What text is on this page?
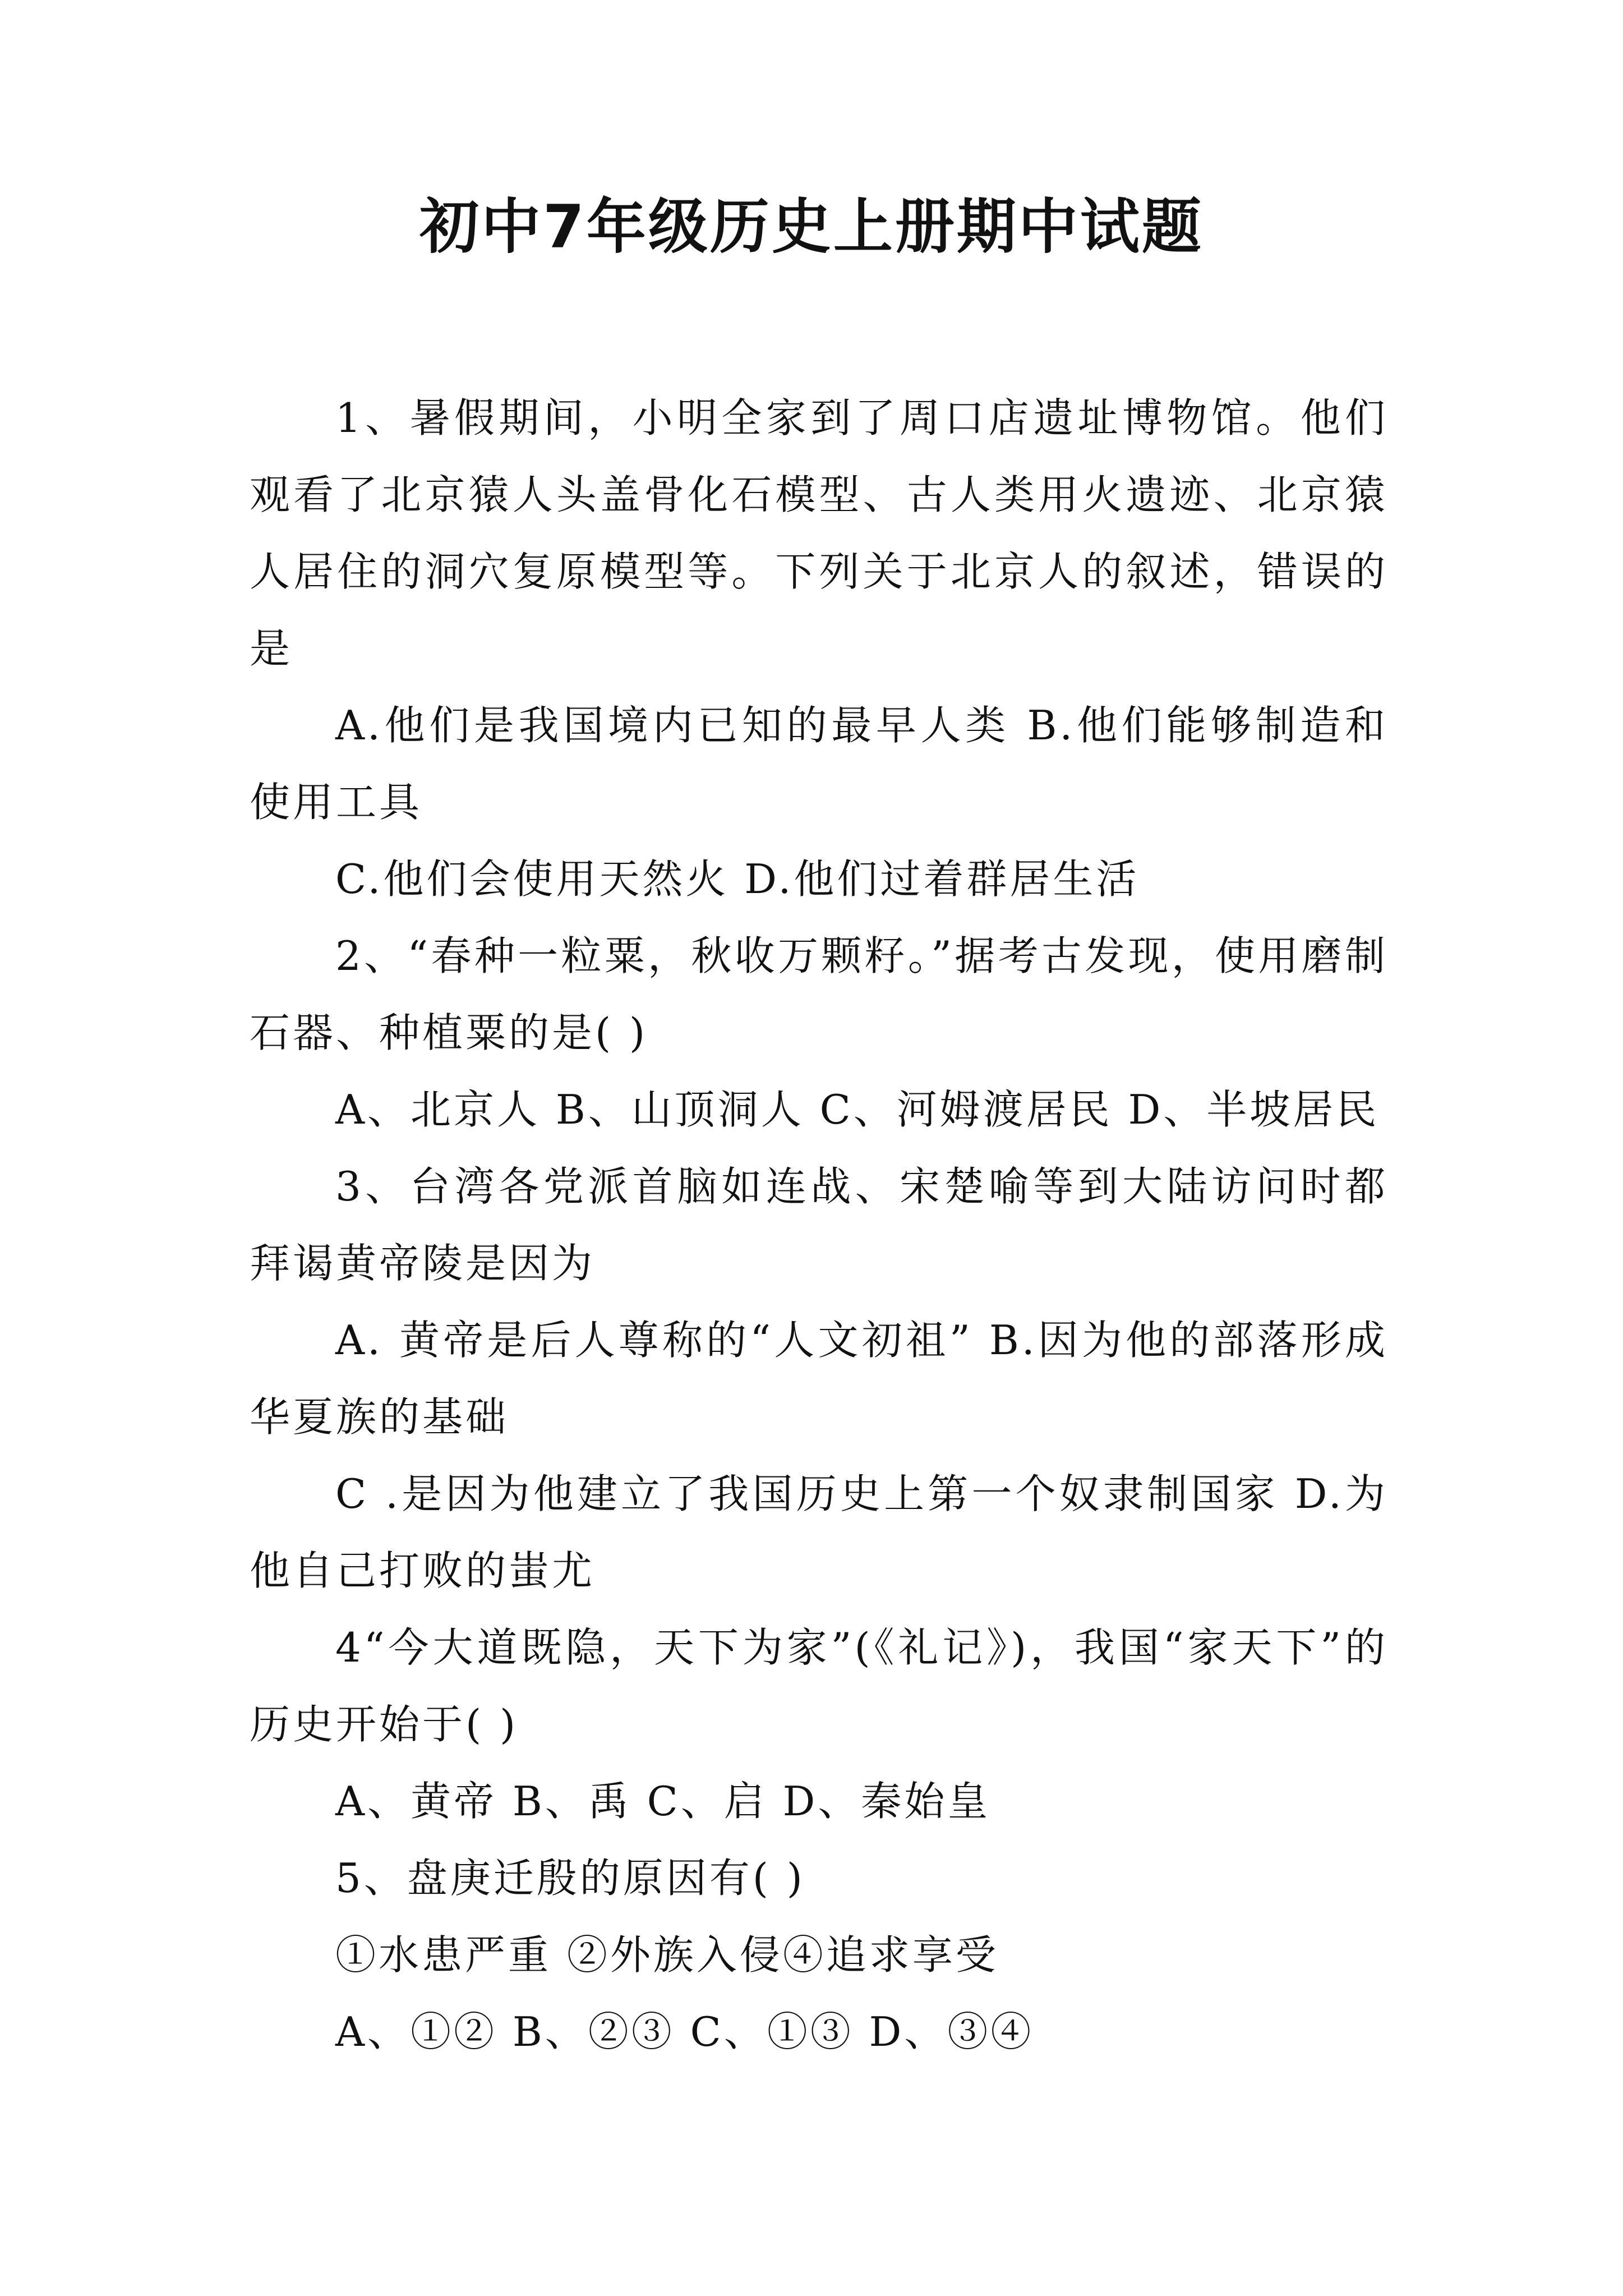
初中7年级历史上册期中试题

1、暑假期间，小明全家到了周口店遗址博物馆。他们观看了北京猿人头盖骨化石模型、古人类用火遗迹、北京猿人居住的洞穴复原模型等。下列关于北京人的叙述，错误的是

A.他们是我国境内已知的最早人类 B.他们能够制造和使用工具

C.他们会使用天然火 D.他们过着群居生活

2、“春种一粒粟，秋收万颗籽。”据考古发现，使用磨制石器、种植粟的是( )

A、北京人 B、山顶洞人 C、河姆渡居民 D、半坡居民

3、台湾各党派首脑如连战、宋楚喻等到大陆访问时都拜谒黄帝陵是因为

A. 黄帝是后人尊称的“人文初祖” B.因为他的部落形成华夏族的基础

C .是因为他建立了我国历史上第一个奴隶制国家 D.为他自己打败的蚩尤

4“今大道既隐，天下为家”(《礼记》)，我国“家天下”的历史开始于( )

A、黄帝 B、禹 C、启 D、秦始皇

5、盘庚迁殷的原因有( )

①水患严重 ②外族入侵④追求享受

A、①② B、②③ C、①③ D、③④
